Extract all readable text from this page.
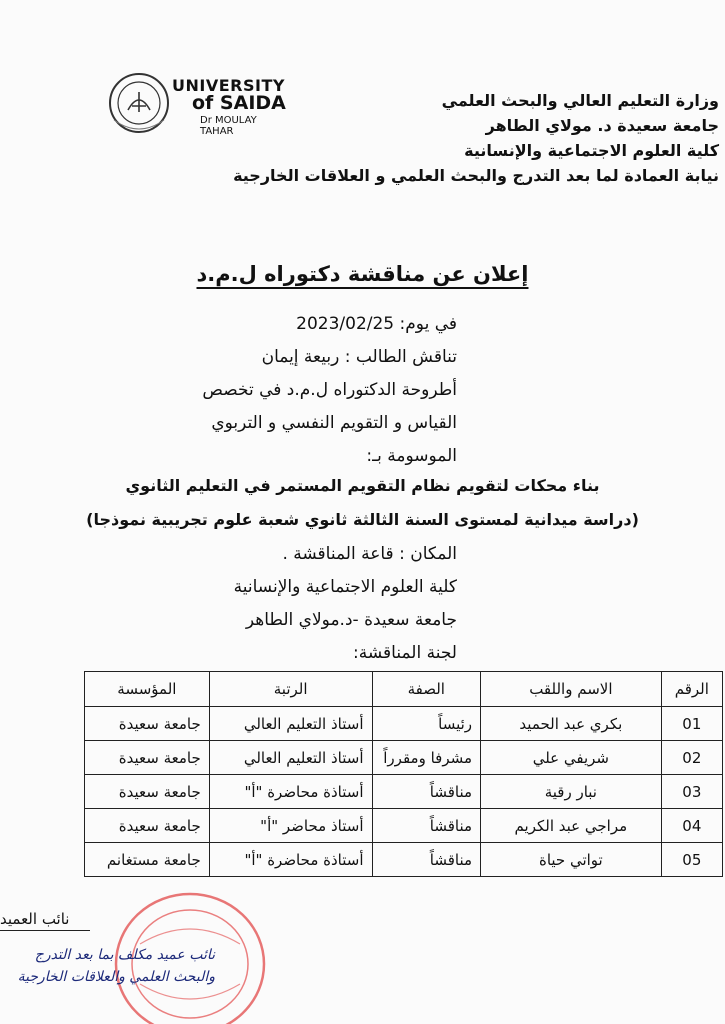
UNIVERSITY
of SAIDA
Dr MOULAY TAHAR
وزارة التعليم العالي والبحث العلمي
جامعة سعيدة د. مولاي الطاهر
كلية العلوم الاجتماعية والإنسانية
نيابة العمادة لما بعد التدرج والبحث العلمي و العلاقات الخارجية
إعلان عن مناقشة دكتوراه ل.م.د
في يوم: 2023/02/25
تناقش الطالب : ربيعة إيمان
أطروحة الدكتوراه ل.م.د في تخصص
القياس و التقويم النفسي و التربوي
الموسومة بـ:
بناء محكات لتقويم نظام التقويم المستمر في التعليم الثانوي
(دراسة ميدانية لمستوى السنة الثالثة ثانوي شعبة علوم تجريبية نموذجا)
المكان : قاعة المناقشة .
كلية العلوم الاجتماعية والإنسانية
جامعة سعيدة -د.مولاي الطاهر
لجنة المناقشة:
الرقم	الاسم واللقب	الصفة	الرتبة	المؤسسة
01	بكري عبد الحميد	رئيساً	أستاذ التعليم العالي	جامعة سعيدة
02	شريفي علي	مشرفا ومقرراً	أستاذ التعليم العالي	جامعة سعيدة
03	نبار رقية	مناقشاً	أستاذة محاضرة "أ"	جامعة سعيدة
04	مراجي عبد الكريم	مناقشاً	أستاذ محاضر "أ"	جامعة سعيدة
05	تواتي حياة	مناقشاً	أستاذة محاضرة "أ"	جامعة مستغانم
نائب العميد
نائب عميد مكلف بما بعد التدرج
والبحث العلمي والعلاقات الخارجية
